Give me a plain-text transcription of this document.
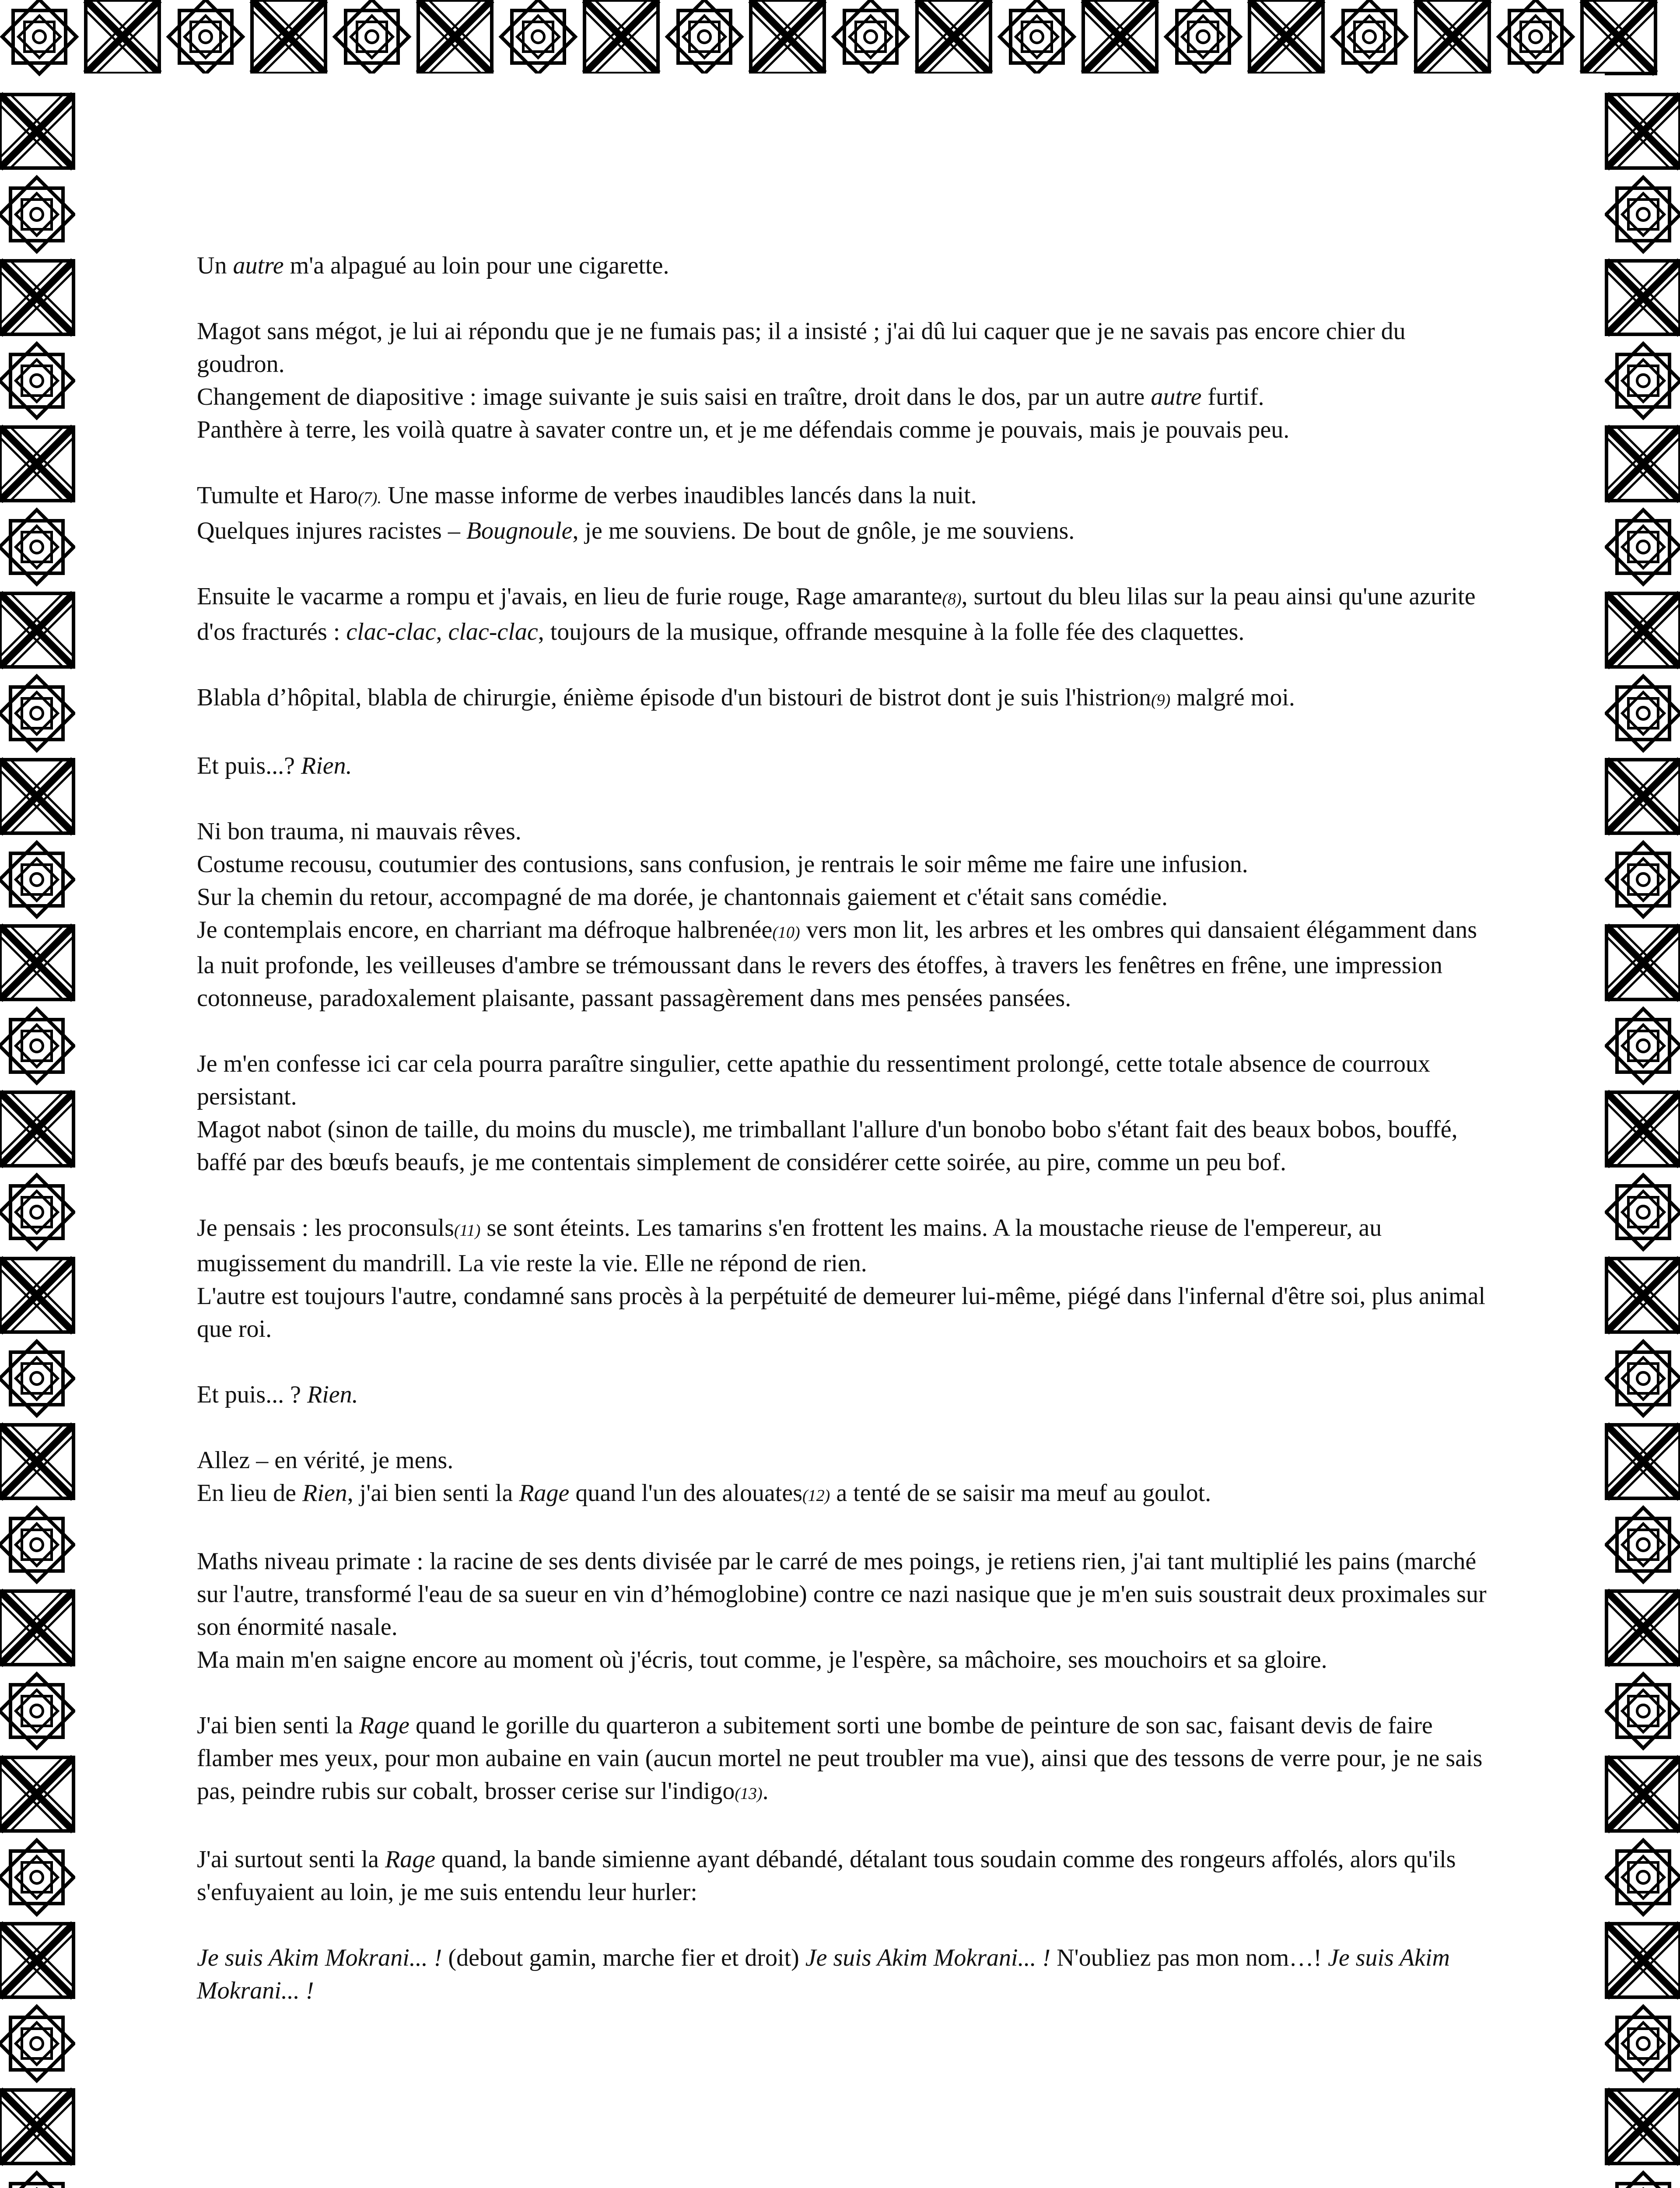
Un autre m'a alpagué au loin pour une cigarette.

Magot sans mégot, je lui ai répondu que je ne fumais pas; il a insisté ; j'ai dû lui caquer que je ne savais pas encore chier du goudron.
Changement de diapositive : image suivante je suis saisi en traître, droit dans le dos, par un autre autre furtif.
Panthère à terre, les voilà quatre à savater contre un, et je me défendais comme je pouvais, mais je pouvais peu.

Tumulte et Haro(7). Une masse informe de verbes inaudibles lancés dans la nuit.
Quelques injures racistes – Bougnoule, je me souviens. De bout de gnôle, je me souviens.

Ensuite le vacarme a rompu et j'avais, en lieu de furie rouge, Rage amarante(8), surtout du bleu lilas sur la peau ainsi qu'une azurite d'os fracturés : clac-clac, clac-clac, toujours de la musique, offrande mesquine à la folle fée des claquettes.

Blabla d’hôpital, blabla de chirurgie, énième épisode d'un bistouri de bistrot dont je suis l'histrion(9) malgré moi.

Et puis...? Rien.

Ni bon trauma, ni mauvais rêves.
Costume recousu, coutumier des contusions, sans confusion, je rentrais le soir même me faire une infusion.
Sur la chemin du retour, accompagné de ma dorée, je chantonnais gaiement et c'était sans comédie.
Je contemplais encore, en charriant ma défroque halbrenée(10) vers mon lit, les arbres et les ombres qui dansaient élégamment dans la nuit profonde, les veilleuses d'ambre se trémoussant dans le revers des étoffes, à travers les fenêtres en frêne, une impression cotonneuse, paradoxalement plaisante, passant passagèrement dans mes pensées pansées.

Je m'en confesse ici car cela pourra paraître singulier, cette apathie du ressentiment prolongé, cette totale absence de courroux persistant.
Magot nabot (sinon de taille, du moins du muscle), me trimballant l'allure d'un bonobo bobo s'étant fait des beaux bobos, bouffé, baffé par des bœufs beaufs, je me contentais simplement de considérer cette soirée, au pire, comme un peu bof.

Je pensais : les proconsuls(11) se sont éteints. Les tamarins s'en frottent les mains. A la moustache rieuse de l'empereur, au mugissement du mandrill. La vie reste la vie. Elle ne répond de rien.
L'autre est toujours l'autre, condamné sans procès à la perpétuité de demeurer lui-même, piégé dans l'infernal d'être soi, plus animal que roi.

Et puis... ? Rien.

Allez – en vérité, je mens.
En lieu de Rien, j'ai bien senti la Rage quand l'un des alouates(12) a tenté de se saisir ma meuf au goulot.

Maths niveau primate : la racine de ses dents divisée par le carré de mes poings, je retiens rien, j'ai tant multiplié les pains (marché sur l'autre, transformé l'eau de sa sueur en vin d’hémoglobine) contre ce nazi nasique que je m'en suis soustrait deux proximales sur son énormité nasale.
Ma main m'en saigne encore au moment où j'écris, tout comme, je l'espère, sa mâchoire, ses mouchoirs et sa gloire.

J'ai bien senti la Rage quand le gorille du quarteron a subitement sorti une bombe de peinture de son sac, faisant devis de faire flamber mes yeux, pour mon aubaine en vain (aucun mortel ne peut troubler ma vue), ainsi que des tessons de verre pour, je ne sais pas, peindre rubis sur cobalt, brosser cerise sur l'indigo(13).

J'ai surtout senti la Rage quand, la bande simienne ayant débandé, détalant tous soudain comme des rongeurs affolés, alors qu'ils s'enfuyaient au loin, je me suis entendu leur hurler:

Je suis Akim Mokrani... ! (debout gamin, marche fier et droit) Je suis Akim Mokrani... ! N'oubliez pas mon nom…! Je suis Akim Mokrani... !
